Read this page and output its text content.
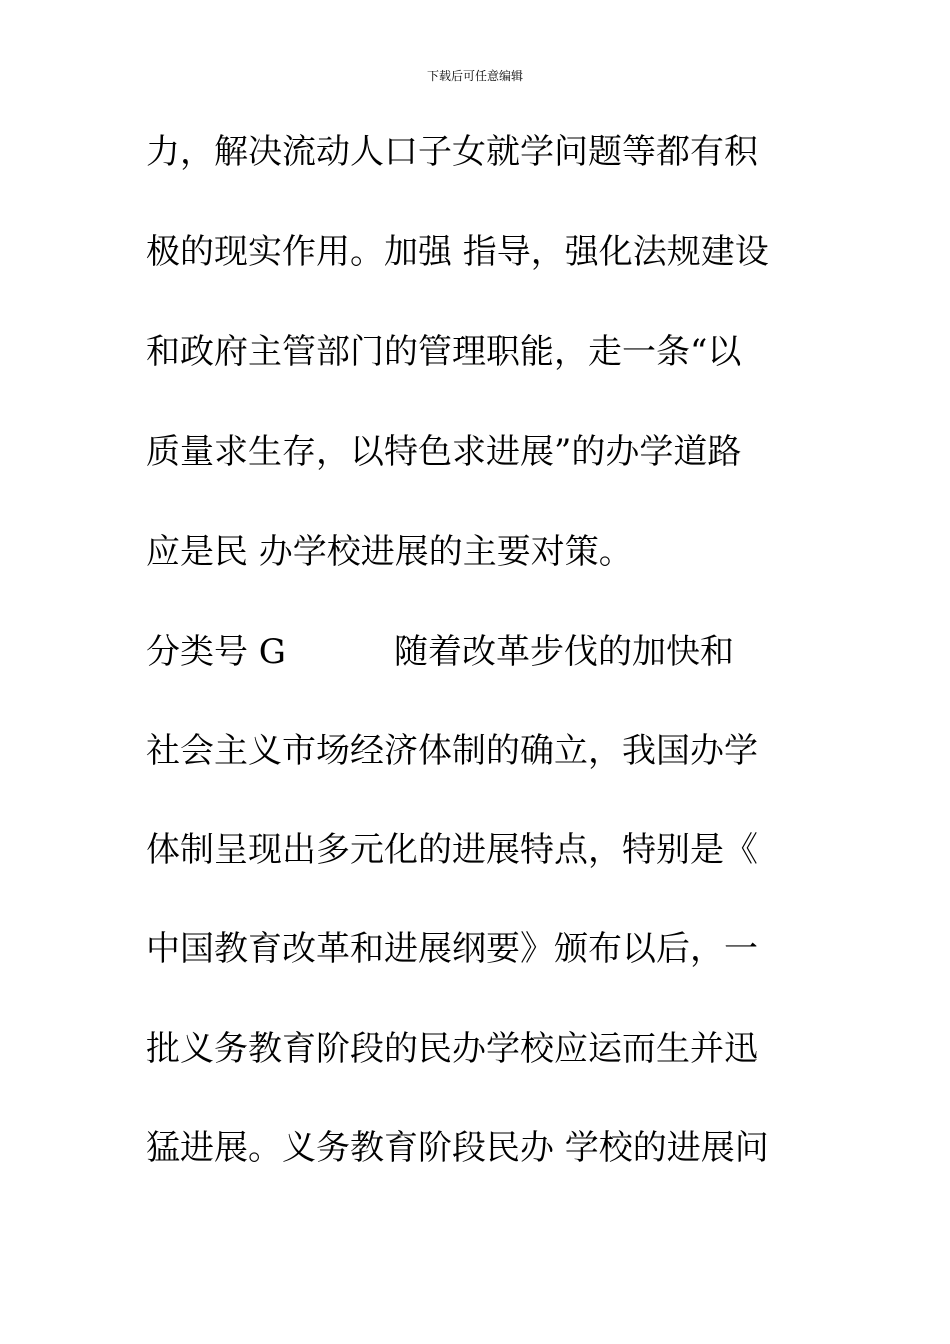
下载后可任意编辑
力，解决流动人口子女就学问题等都有积
极的现实作用。加强 指导，强化法规建设
和政府主管部门的管理职能，走一条“以
质量求生存，以特色求进展”的办学道路
应是民 办学校进展的主要对策。
分类号 G          随着改革步伐的加快和
社会主义市场经济体制的确立，我国办学
体制呈现出多元化的进展特点，特别是《
中国教育改革和进展纲要》颁布以后，一
批义务教育阶段的民办学校应运而生并迅
猛进展。义务教育阶段民办 学校的进展问
